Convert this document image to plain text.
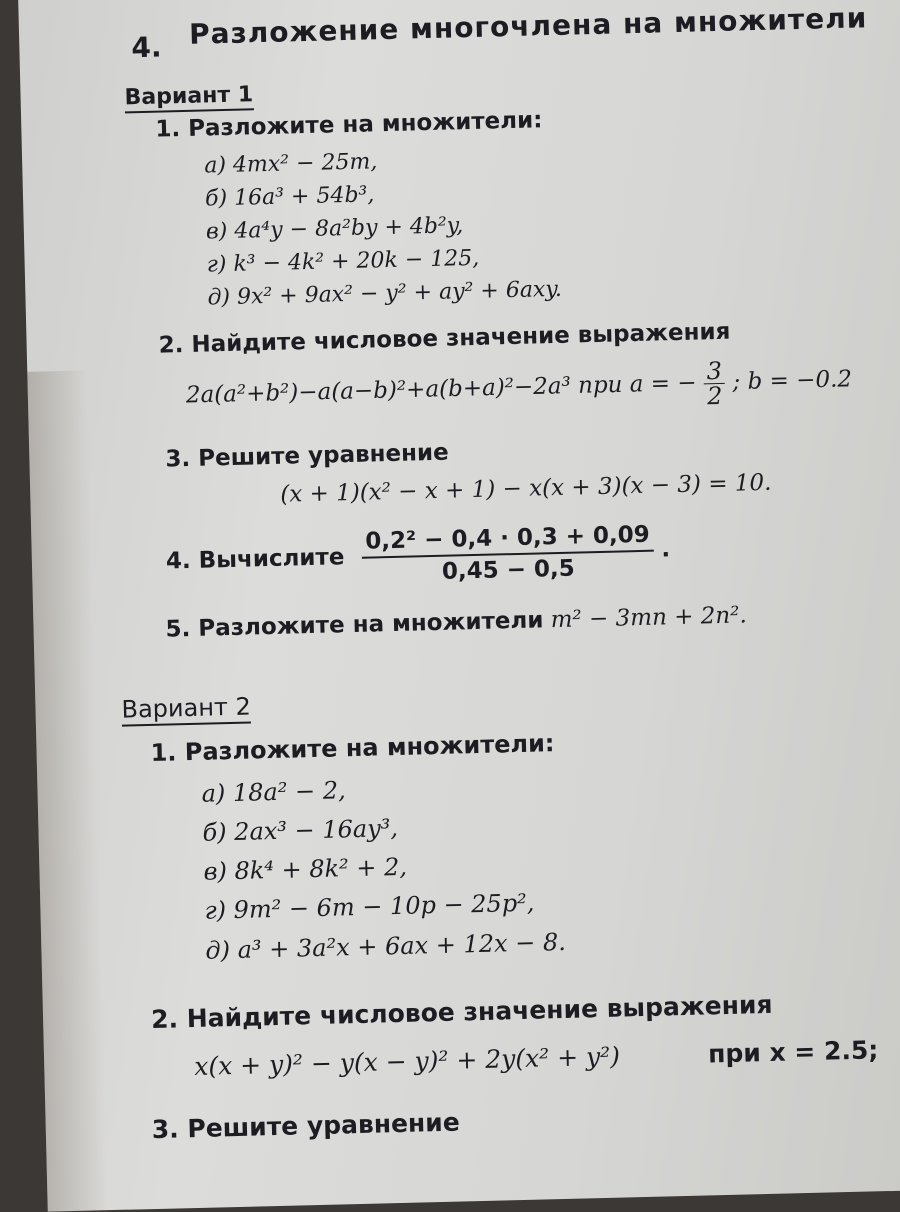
4. Разложение многочлена на множители
Вариант 1
1. Разложите на множители:
а) 4mx² − 25m,
б) 16a³ + 54b³,
в) 4a⁴y − 8a²by + 4b²y,
г) k³ − 4k² + 20k − 125,
д) 9x² + 9ax² − y² + ay² + 6axy.
2. Найдите числовое значение выражения
2a(a²+b²)−a(a−b)²+a(b+a)²−2a³ при a = − $\frac{3}{2}$ ; b = −0.2
3. Решите уравнение
(x + 1)(x² − x + 1) − x(x + 3)(x − 3) = 10.
4. Вычислите $\frac{\text{0,2² − 0,4 · 0,3 + 0,09}}{0,45 - 0,5}$ .
5. Разложите на множители m² − 3mn + 2n².
Вариант 2
1. Разложите на множители:
а) 18a² − 2,
б) 2ax³ − 16ay³,
в) 8k⁴ + 8k² + 2,
г) 9m² − 6m − 10p − 25p²,
д) a³ + 3a²x + 6ax + 12x − 8.
2. Найдите числовое значение выражения
x(x + y)² − y(x − y)² + 2y(x² + y²)	при x = 2.5;
3. Решите уравнение
